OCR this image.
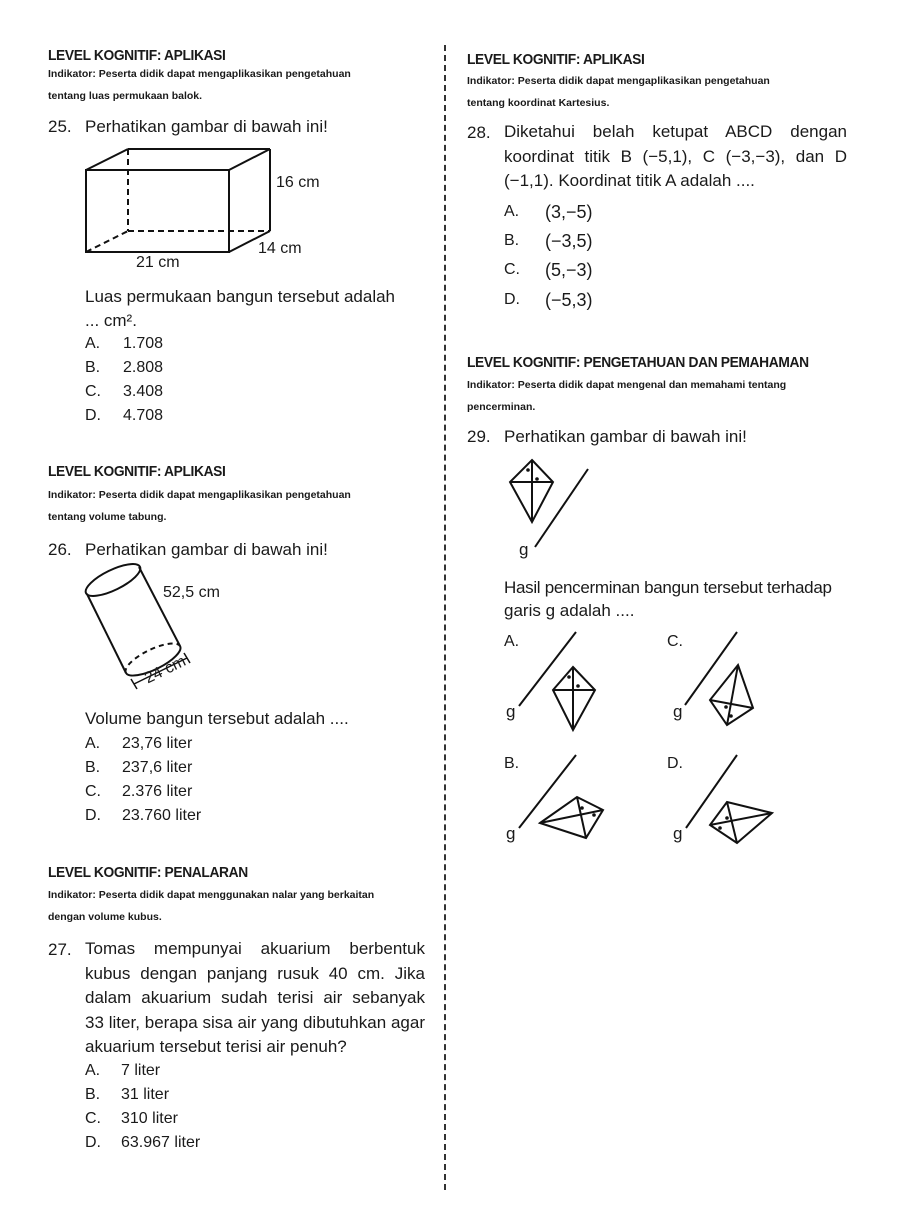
LEVEL KOGNITIF: APLIKASI
Indikator: Peserta didik dapat mengaplikasikan pengetahuan
tentang luas permukaan balok.
25. Perhatikan gambar di bawah ini!
16 cm
14 cm
21 cm
Luas permukaan bangun tersebut adalah
... cm².
A. 1.708
B. 2.808
C. 3.408
D. 4.708
LEVEL KOGNITIF: APLIKASI
Indikator: Peserta didik dapat mengaplikasikan pengetahuan
tentang volume tabung.
26. Perhatikan gambar di bawah ini!
52,5 cm
24 cm
Volume bangun tersebut adalah ....
A. 23,76 liter
B. 237,6 liter
C. 2.376 liter
D. 23.760 liter
LEVEL KOGNITIF: PENALARAN
Indikator: Peserta didik dapat menggunakan nalar yang berkaitan
dengan volume kubus.
27. Tomas mempunyai akuarium berbentuk
kubus dengan panjang rusuk 40 cm. Jika
dalam akuarium sudah terisi air sebanyak
33 liter, berapa sisa air yang dibutuhkan agar
akuarium tersebut terisi air penuh?
A. 7 liter
B. 31 liter
C. 310 liter
D. 63.967 liter
LEVEL KOGNITIF: APLIKASI
Indikator: Peserta didik dapat mengaplikasikan pengetahuan
tentang koordinat Kartesius.
28. Diketahui belah ketupat ABCD dengan
koordinat titik B (−5,1), C (−3,−3), dan D
(−1,1). Koordinat titik A adalah ....
A. (3,−5)
B. (−3,5)
C. (5,−3)
D. (−5,3)
LEVEL KOGNITIF: PENGETAHUAN DAN PEMAHAMAN
Indikator: Peserta didik dapat mengenal dan memahami tentang
pencerminan.
29. Perhatikan gambar di bawah ini!
g
g	g
g	g
Hasil pencerminan bangun tersebut terhadap
garis g adalah ....
A.	C.
B.	D.
